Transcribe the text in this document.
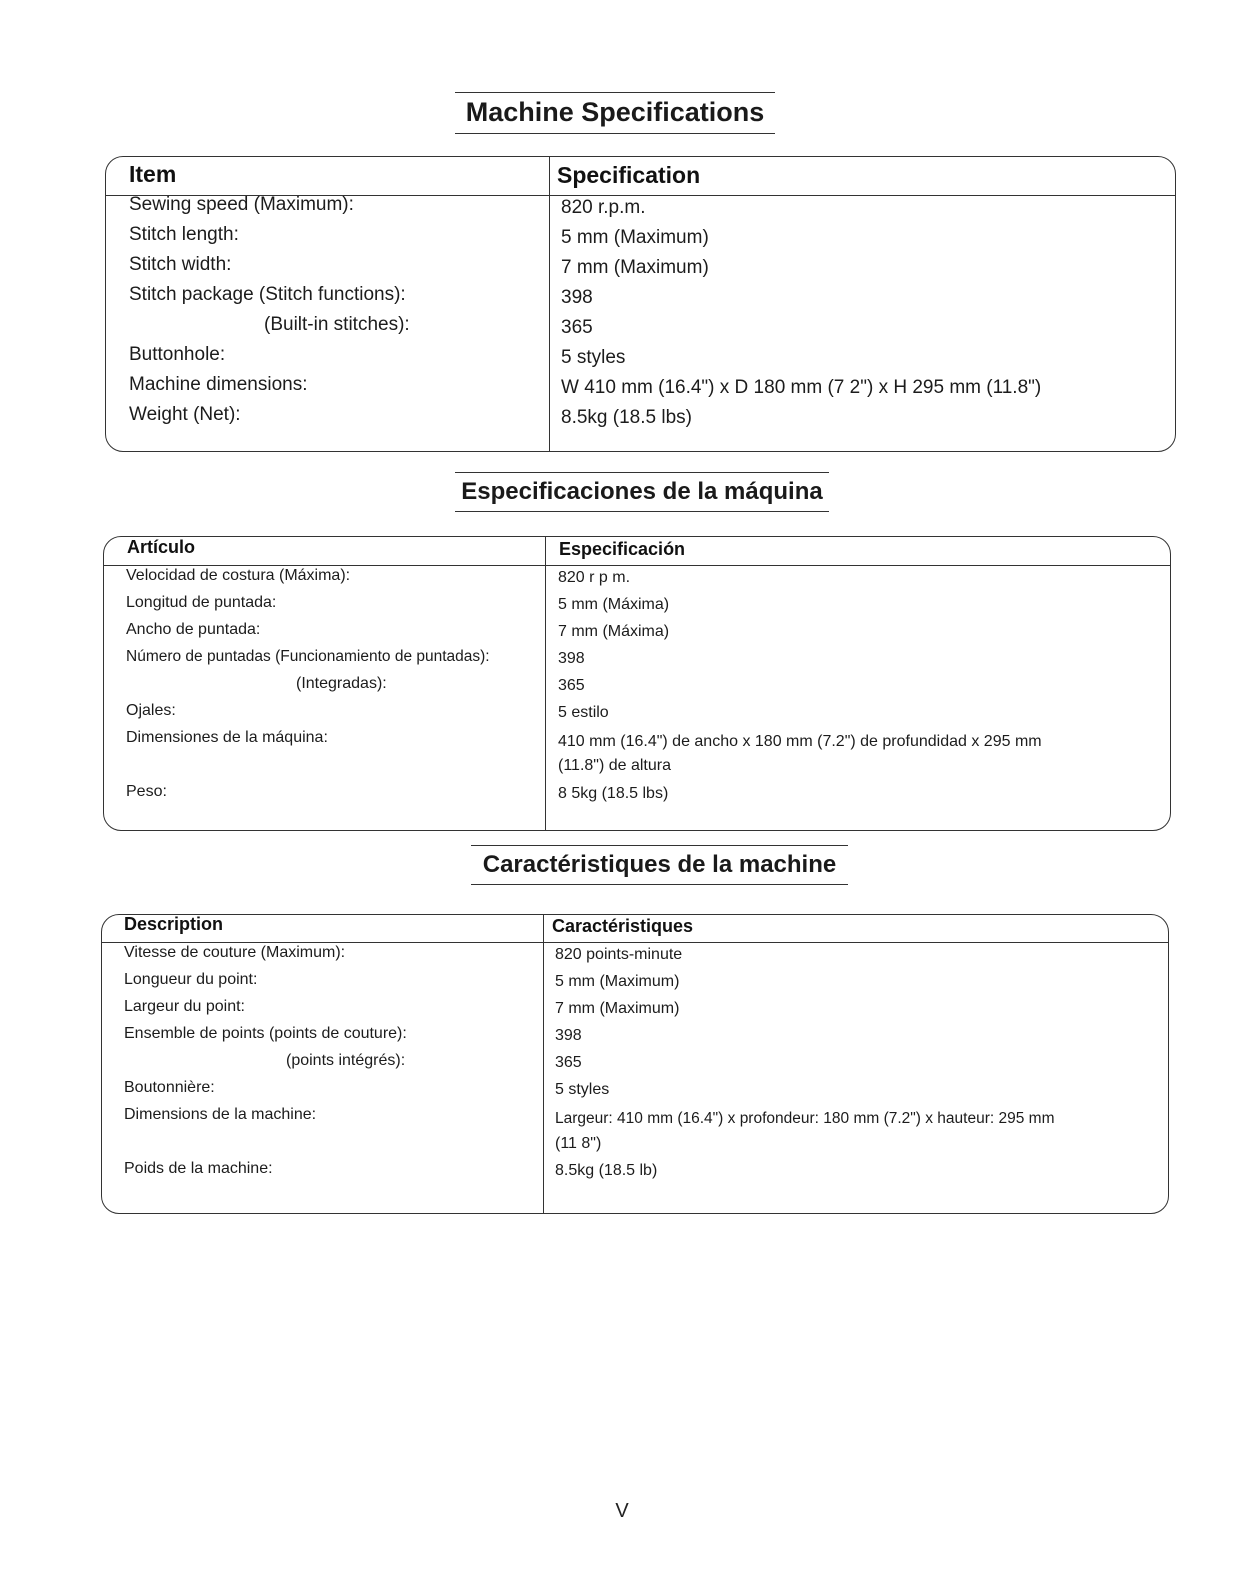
Machine Specifications
Item	Specification
Sewing speed (Maximum):	820 r.p.m.
Stitch length:	5 mm (Maximum)
Stitch width:	7 mm (Maximum)
Stitch package (Stitch functions):	398
(Built-in stitches):	365
Buttonhole:	5 styles
Machine dimensions:	W 410 mm (16.4") x D 180 mm (7 2") x H 295 mm (11.8")
Weight (Net):	8.5kg (18.5 lbs)
Especificaciones de la máquina
Artículo	Especificación
Velocidad de costura (Máxima):	820 r p m.
Longitud de puntada:	5 mm (Máxima)
Ancho de puntada:	7 mm (Máxima)
Número de puntadas (Funcionamiento de puntadas):	398
(Integradas):	365
Ojales:	5 estilo
Dimensiones de la máquina:	410 mm (16.4") de ancho x 180 mm (7.2") de profundidad x 295 mm
(11.8") de altura
Peso:	8 5kg (18.5 lbs)
Caractéristiques de la machine
Description	Caractéristiques
Vitesse de couture (Maximum):	820 points-minute
Longueur du point:	5 mm (Maximum)
Largeur du point:	7 mm (Maximum)
Ensemble de points (points de couture):	398
(points intégrés):	365
Boutonnière:	5 styles
Dimensions de la machine:	Largeur: 410 mm (16.4") x profondeur: 180 mm (7.2") x hauteur: 295 mm
(11 8")
Poids de la machine:	8.5kg (18.5 lb)
V
